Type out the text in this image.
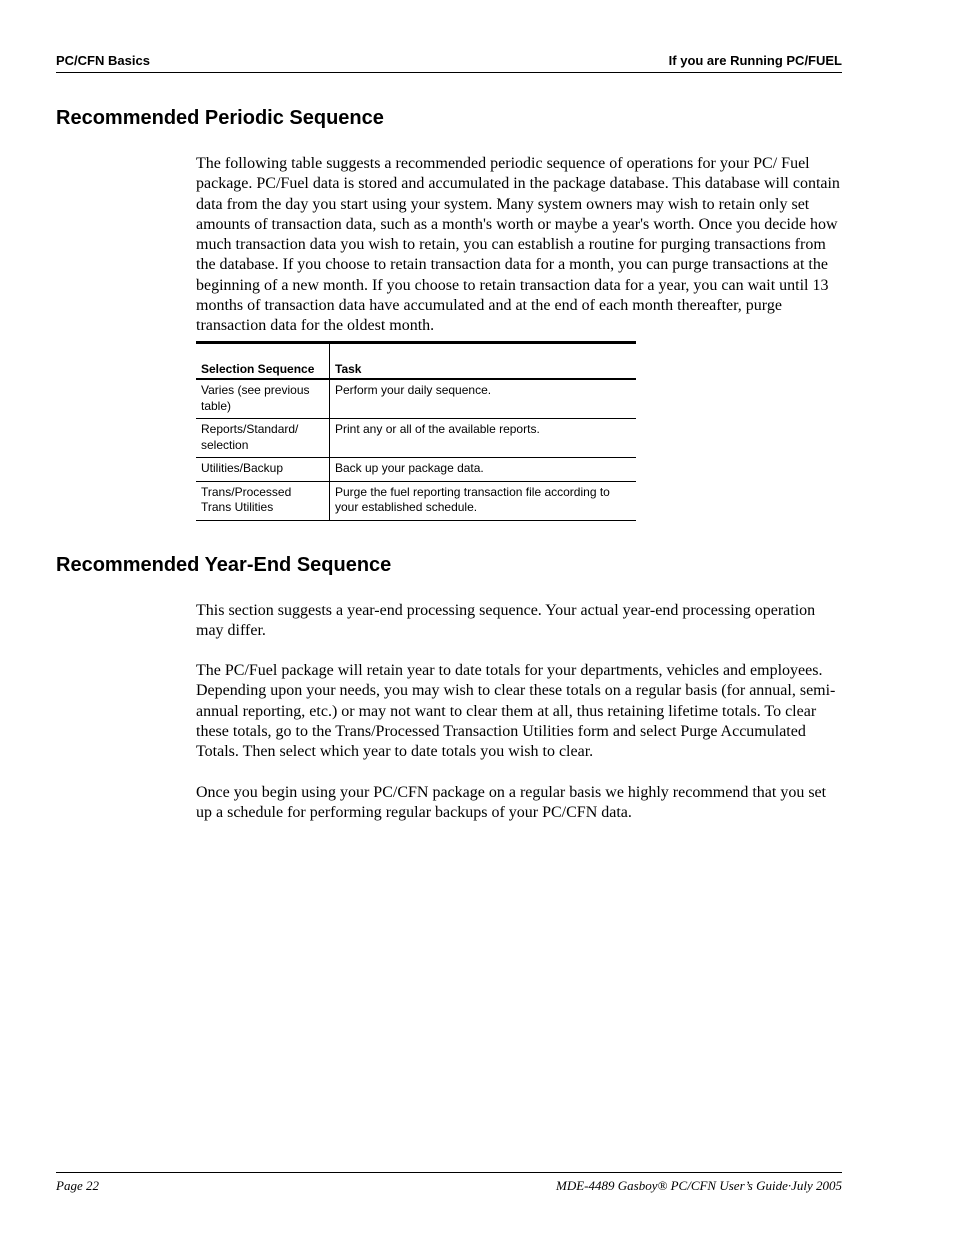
PC/CFN Basics	If you are Running PC/FUEL
Recommended Periodic Sequence

The following table suggests a recommended periodic sequence of operations for your PC/ Fuel package. PC/Fuel data is stored and accumulated in the package database. This database will contain data from the day you start using your system. Many system owners may wish to retain only set amounts of transaction data, such as a month's worth or maybe a year's worth. Once you decide how much transaction data you wish to retain, you can establish a routine for purging transactions from the database. If you choose to retain transaction data for a month, you can purge transactions at the beginning of a new month. If you choose to retain transaction data for a year, you can wait until 13 months of transaction data have accumulated and at the end of each month thereafter, purge transaction data for the oldest month.

Selection Sequence	Task
Varies (see previous table)	Perform your daily sequence.
Reports/Standard/ selection	Print any or all of the available reports.
Utilities/Backup	Back up your package data.
Trans/Processed Trans Utilities	Purge the fuel reporting transaction file according to your established schedule.
Recommended Year-End Sequence

This section suggests a year-end processing sequence. Your actual year-end processing operation may differ.

The PC/Fuel package will retain year to date totals for your departments, vehicles and employees. Depending upon your needs, you may wish to clear these totals on a regular basis (for annual, semi-annual reporting, etc.) or may not want to clear them at all, thus retaining lifetime totals. To clear these totals, go to the Trans/Processed Transaction Utilities form and select Purge Accumulated Totals. Then select which year to date totals you wish to clear.

Once you begin using your PC/CFN package on a regular basis we highly recommend that you set up a schedule for performing regular backups of your PC/CFN data.

Page 22	MDE-4489 Gasboy® PC/CFN User’s Guide·July 2005
